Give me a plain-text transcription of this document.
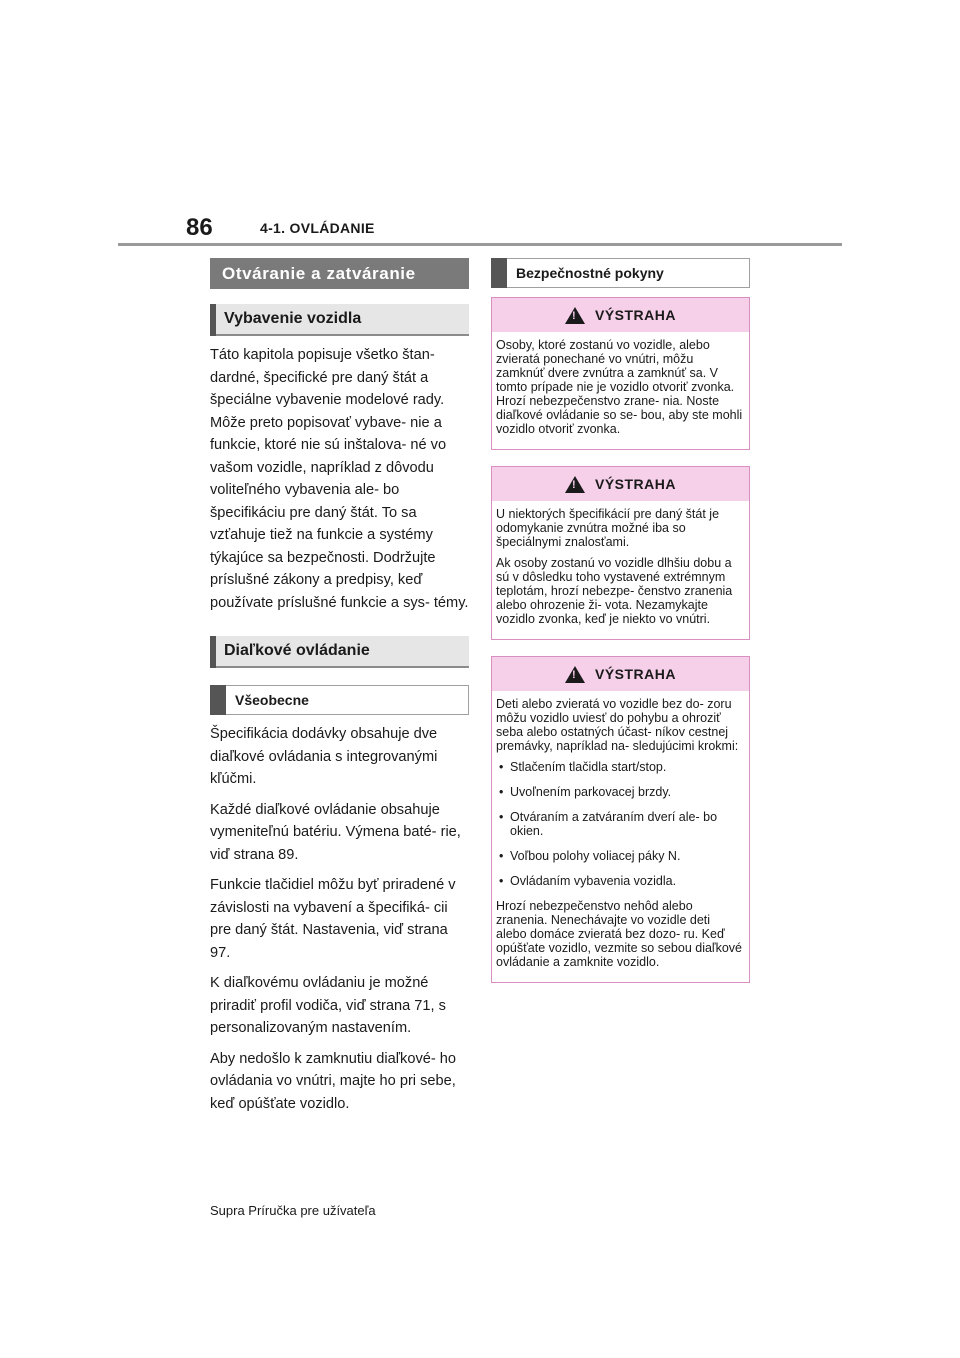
86	4-1. OVLÁDANIE
Otváranie a zatváranie
Vybavenie vozidla

Táto kapitola popisuje všetko štan- dardné, špecifické pre daný štát a špeciálne vybavenie modelové rady. Môže preto popisovať vybave- nie a funkcie, ktoré nie sú inštalova- né vo vašom vozidle, napríklad z dôvodu voliteľného vybavenia ale- bo špecifikáciu pre daný štát. To sa vzťahuje tiež na funkcie a systémy týkajúce sa bezpečnosti. Dodržujte príslušné zákony a predpisy, keď používate príslušné funkcie a sys- témy.

Diaľkové ovládanie
Všeobecne

Špecifikácia dodávky obsahuje dve diaľkové ovládania s integrovanými kľúčmi.

Každé diaľkové ovládanie obsahuje vymeniteľnú batériu. Výmena baté- rie, viď strana 89.

Funkcie tlačidiel môžu byť priradené v závislosti na vybavení a špecifiká- cii pre daný štát. Nastavenia, viď strana 97.

K diaľkovému ovládaniu je možné priradiť profil vodiča, viď strana 71, s personalizovaným nastavením.

Aby nedošlo k zamknutiu diaľkové- ho ovládania vo vnútri, majte ho pri sebe, keď opúšťate vozidlo.

Bezpečnostné pokyny
!
VÝSTRAHA

Osoby, ktoré zostanú vo vozidle, alebo zvieratá ponechané vo vnútri, môžu zamknúť dvere zvnútra a zamknúť sa. V tomto prípade nie je vozidlo otvoriť zvonka. Hrozí nebezpečenstvo zrane- nia. Noste diaľkové ovládanie so se- bou, aby ste mohli vozidlo otvoriť zvonka.

!
VÝSTRAHA

U niektorých špecifikácií pre daný štát je odomykanie zvnútra možné iba so špeciálnymi znalosťami.

Ak osoby zostanú vo vozidle dlhšiu dobu a sú v dôsledku toho vystavené extrémnym teplotám, hrozí nebezpe- čenstvo zranenia alebo ohrozenie ži- vota. Nezamykajte vozidlo zvonka, keď je niekto vo vnútri.

!
VÝSTRAHA

Deti alebo zvieratá vo vozidle bez do- zoru môžu vozidlo uviesť do pohybu a ohroziť seba alebo ostatných účast- níkov cestnej premávky, napríklad na- sledujúcimi krokmi:

• Stlačením tlačidla start/stop.
• Uvoľnením parkovacej brzdy.
• Otváraním a zatváraním dverí ale- bo okien.
• Voľbou polohy voliacej páky N.
• Ovládaním vybavenia vozidla.

Hrozí nebezpečenstvo nehôd alebo zranenia. Nenechávajte vo vozidle deti alebo domáce zvieratá bez dozo- ru. Keď opúšťate vozidlo, vezmite so sebou diaľkové ovládanie a zamknite vozidlo.

Supra Príručka pre užívateľa
